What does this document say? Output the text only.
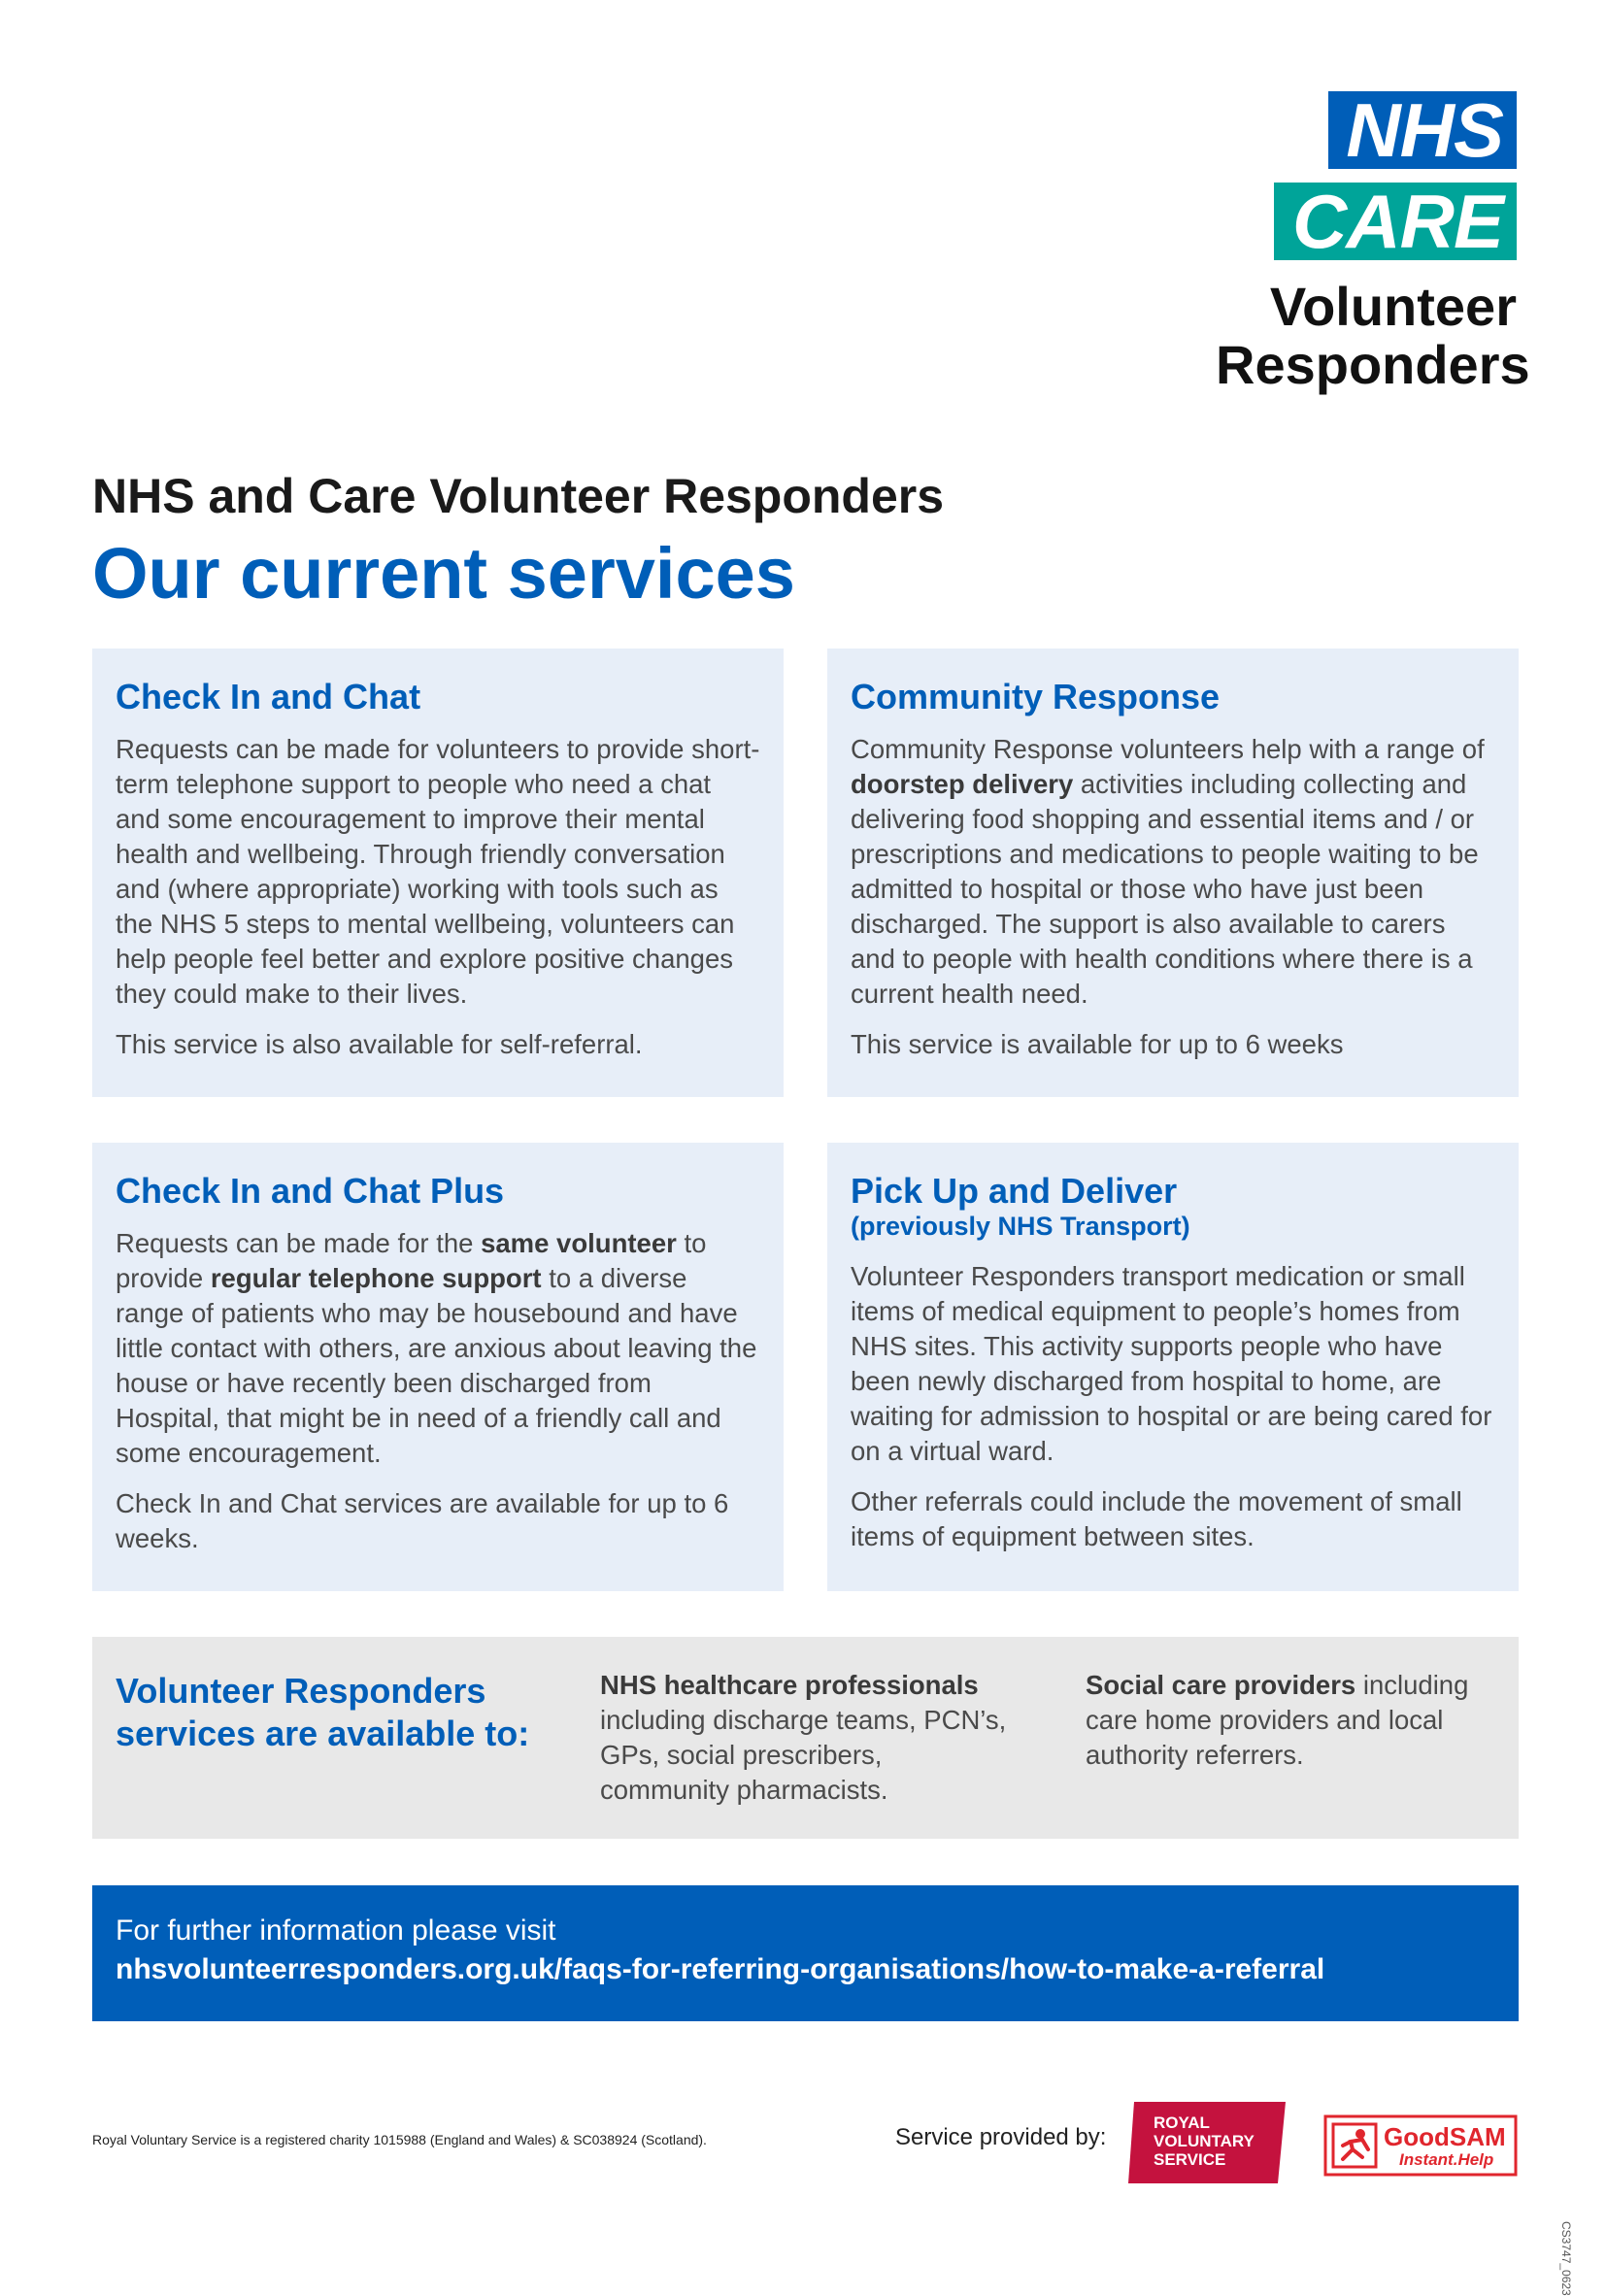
NHS
CARE
Volunteer
Responders
NHS and Care Volunteer Responders
Our current services
Check In and Chat

Requests can be made for volunteers to provide short-term telephone support to people who need a chat and some encouragement to improve their mental health and wellbeing. Through friendly conversation and (where appropriate) working with tools such as the NHS 5 steps to mental wellbeing, volunteers can help people feel better and explore positive changes they could make to their lives.

This service is also available for self-referral.

Community Response

Community Response volunteers help with a range of doorstep delivery activities including collecting and delivering food shopping and essential items and / or prescriptions and medications to people waiting to be admitted to hospital or those who have just been discharged. The support is also available to carers and to people with health conditions where there is a current health need.

This service is available for up to 6 weeks

Check In and Chat Plus

Requests can be made for the same volunteer to provide regular telephone support to a diverse range of patients who may be housebound and have little contact with others, are anxious about leaving the house or have recently been discharged from Hospital, that might be in need of a friendly call and some encouragement.

Check In and Chat services are available for up to 6 weeks.

Pick Up and Deliver
(previously NHS Transport)

Volunteer Responders transport medication or small items of medical equipment to people’s homes from NHS sites. This activity supports people who have been newly discharged from hospital to home, are waiting for admission to hospital or are being cared for on a virtual ward.

Other referrals could include the movement of small items of equipment between sites.

Volunteer Responders services are available to:
NHS healthcare professionals including discharge teams, PCN’s, GPs, social prescribers, community pharmacists.
Social care providers including care home providers and local authority referrers.
For further information please visit
nhsvolunteerresponders.org.uk/faqs-for-referring-organisations/how-to-make-a-referral
Royal Voluntary Service is a registered charity 1015988 (England and Wales) & SC038924 (Scotland).	Service provided by:
ROYAL
VOLUNTARY
SERVICE
GoodSAM
Instant.Help
CS3747_0623
